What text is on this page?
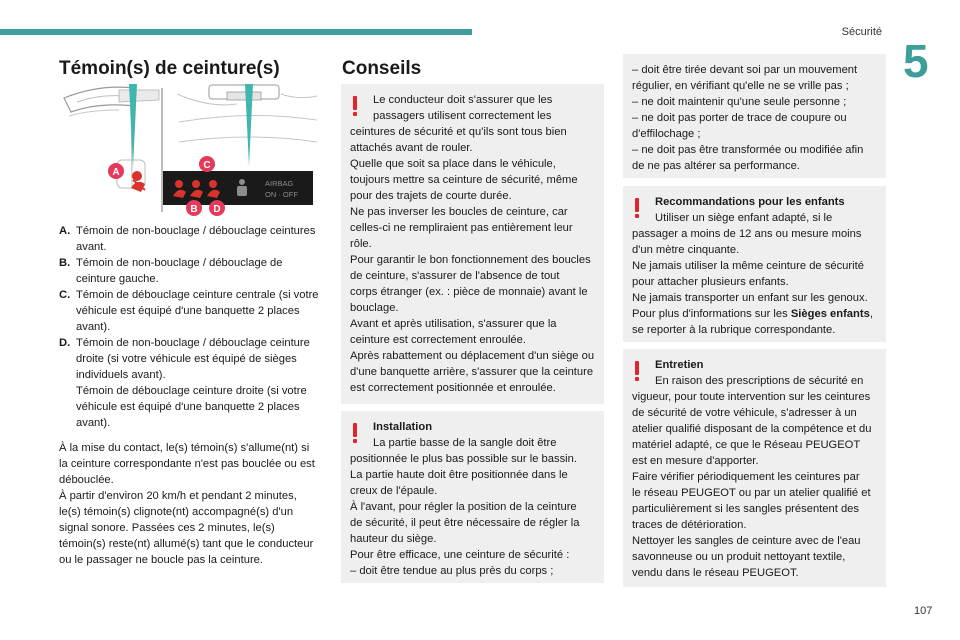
Sécurité
5
Témoin(s) de ceinture(s)
AIRBAG
ON · OFF
A
C
B D
A. Témoin de non-bouclage / débouclage ceintures
avant.
B. Témoin de non-bouclage / débouclage de
ceinture gauche.
C. Témoin de débouclage ceinture centrale (si votre
véhicule est équipé d'une banquette 2 places
avant).
D. Témoin de non-bouclage / débouclage ceinture
droite (si votre véhicule est équipé de sièges
individuels avant).
Témoin de débouclage ceinture droite (si votre
véhicule est équipé d'une banquette 2 places
avant).
À la mise du contact, le(s) témoin(s) s'allume(nt) si
la ceinture correspondante n'est pas bouclée ou est
débouclée.
À partir d'environ 20 km/h et pendant 2 minutes,
le(s) témoin(s) clignote(nt) accompagné(s) d'un
signal sonore. Passées ces 2 minutes, le(s)
témoin(s) reste(nt) allumé(s) tant que le conducteur
ou le passager ne boucle pas la ceinture.
Conseils
Le conducteur doit s'assurer que les
passagers utilisent correctement les
ceintures de sécurité et qu'ils sont tous bien
attachés avant de rouler.
Quelle que soit sa place dans le véhicule,
toujours mettre sa ceinture de sécurité, même
pour des trajets de courte durée.
Ne pas inverser les boucles de ceinture, car
celles-ci ne rempliraient pas entièrement leur
rôle.
Pour garantir le bon fonctionnement des boucles
de ceinture, s'assurer de l'absence de tout
corps étranger (ex. : pièce de monnaie) avant le
bouclage.
Avant et après utilisation, s'assurer que la
ceinture est correctement enroulée.
Après rabattement ou déplacement d'un siège ou
d'une banquette arrière, s'assurer que la ceinture
est correctement positionnée et enroulée.
Installation
La partie basse de la sangle doit être
positionnée le plus bas possible sur le bassin.
La partie haute doit être positionnée dans le
creux de l'épaule.
À l'avant, pour régler la position de la ceinture
de sécurité, il peut être nécessaire de régler la
hauteur du siège.
Pour être efficace, une ceinture de sécurité :
– doit être tendue au plus près du corps ;
– doit être tirée devant soi par un mouvement
régulier, en vérifiant qu'elle ne se vrille pas ;
– ne doit maintenir qu'une seule personne ;
– ne doit pas porter de trace de coupure ou
d'effilochage ;
– ne doit pas être transformée ou modifiée afin
de ne pas altérer sa performance.
Recommandations pour les enfants
Utiliser un siège enfant adapté, si le
passager a moins de 12 ans ou mesure moins
d'un mètre cinquante.
Ne jamais utiliser la même ceinture de sécurité
pour attacher plusieurs enfants.
Ne jamais transporter un enfant sur les genoux.
Pour plus d'informations sur les Sièges enfants,
se reporter à la rubrique correspondante.
Entretien
En raison des prescriptions de sécurité en
vigueur, pour toute intervention sur les ceintures
de sécurité de votre véhicule, s'adresser à un
atelier qualifié disposant de la compétence et du
matériel adapté, ce que le Réseau PEUGEOT
est en mesure d'apporter.
Faire vérifier périodiquement les ceintures par
le réseau PEUGEOT ou par un atelier qualifié et
particulièrement si les sangles présentent des
traces de détérioration.
Nettoyer les sangles de ceinture avec de l'eau
savonneuse ou un produit nettoyant textile,
vendu dans le réseau PEUGEOT.
107
